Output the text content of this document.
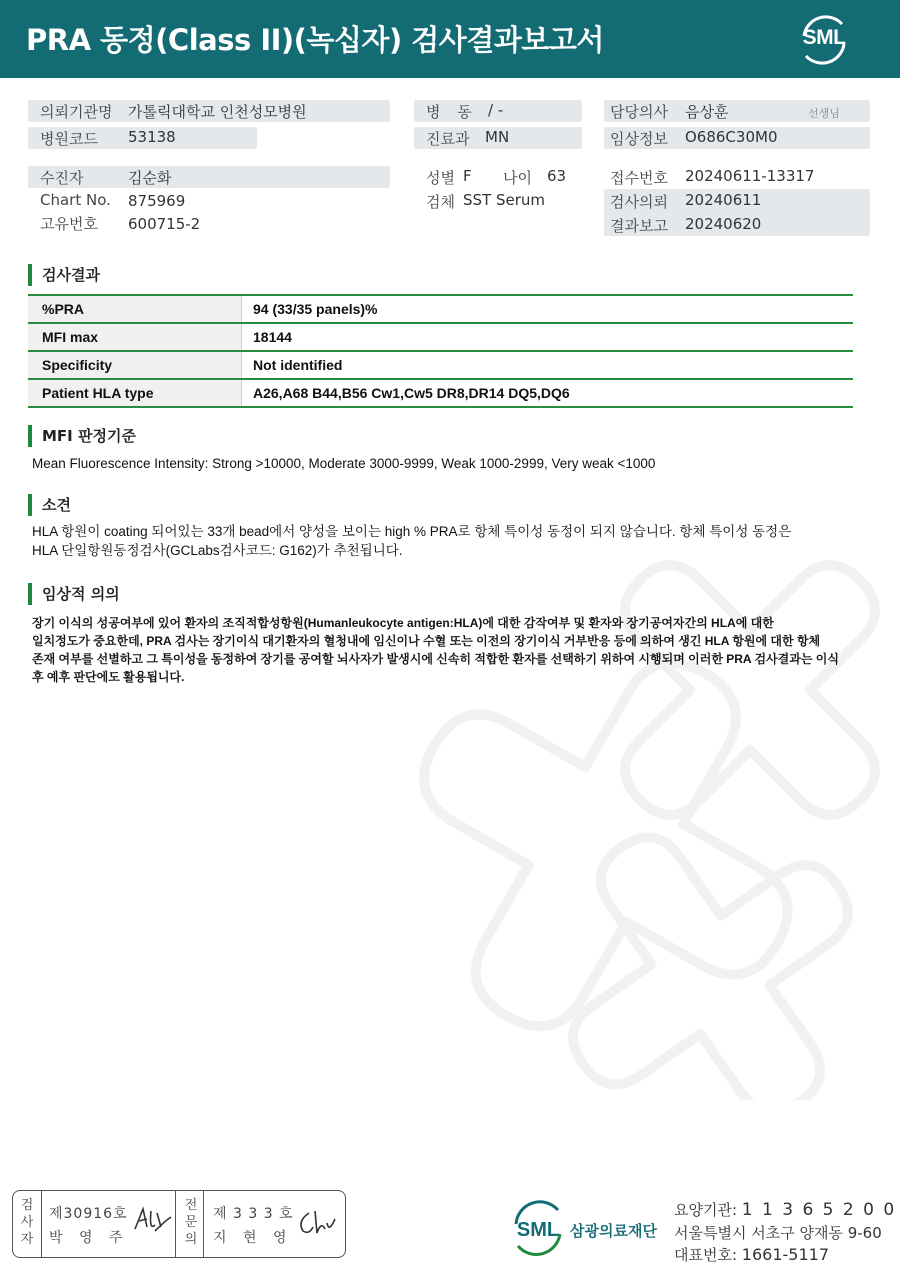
PRA 동정(Class II)(녹십자) 검사결과보고서	SML
의뢰기관명 가톨릭대학교 인천성모병원
병원코드 53138
수진자	김순화
Chart No. 875969
고유번호 600715-2
병 동 / -
진료과 MN
성별 F 나이 63
검체 SST Serum
담당의사 음상훈	선생님
임상정보 O686C30M0
접수번호 20240611-13317
검사의뢰 20240611
결과보고 20240620
검사결과
%PRA	94 (33/35 panels)%
MFI max	18144
Specificity	Not identified
Patient HLA type	A26,A68 B44,B56 Cw1,Cw5 DR8,DR14 DQ5,DQ6
MFI 판정기준
Mean Fluorescence Intensity: Strong >10000, Moderate 3000-9999, Weak 1000-2999, Very weak <1000
소견
HLA 항원이 coating 되어있는 33개 bead에서 양성을 보이는 high % PRA로 항체 특이성 동정이 되지 않습니다. 항체 특이성 동정은
HLA 단일항원동정검사(GCLabs검사코드: G162)가 추천됩니다.
임상적 의의
장기 이식의 성공여부에 있어 환자의 조직적합성항원(Humanleukocyte antigen:HLA)에 대한 감작여부 및 환자와 장기공여자간의 HLA에 대한
일치정도가 중요한데, PRA 검사는 장기이식 대기환자의 혈청내에 임신이나 수혈 또는 이전의 장기이식 거부반응 등에 의하여 생긴 HLA 항원에 대한 항체
존재 여부를 선별하고 그 특이성을 동정하여 장기를 공여할 뇌사자가 발생시에 신속히 적합한 환자를 선택하기 위하여 시행되며 이러한 PRA 검사결과는 이식
후 예후 판단에도 활용됩니다.
검
사
자
제30916호
박 영 주
전
문
의
제 3 3 3 호
지 현 영	SML 삼광의료재단
요양기관: 1 1 3 6 5 2 0 0
서울특별시 서초구 양재동 9-60
대표번호: 1661-5117
